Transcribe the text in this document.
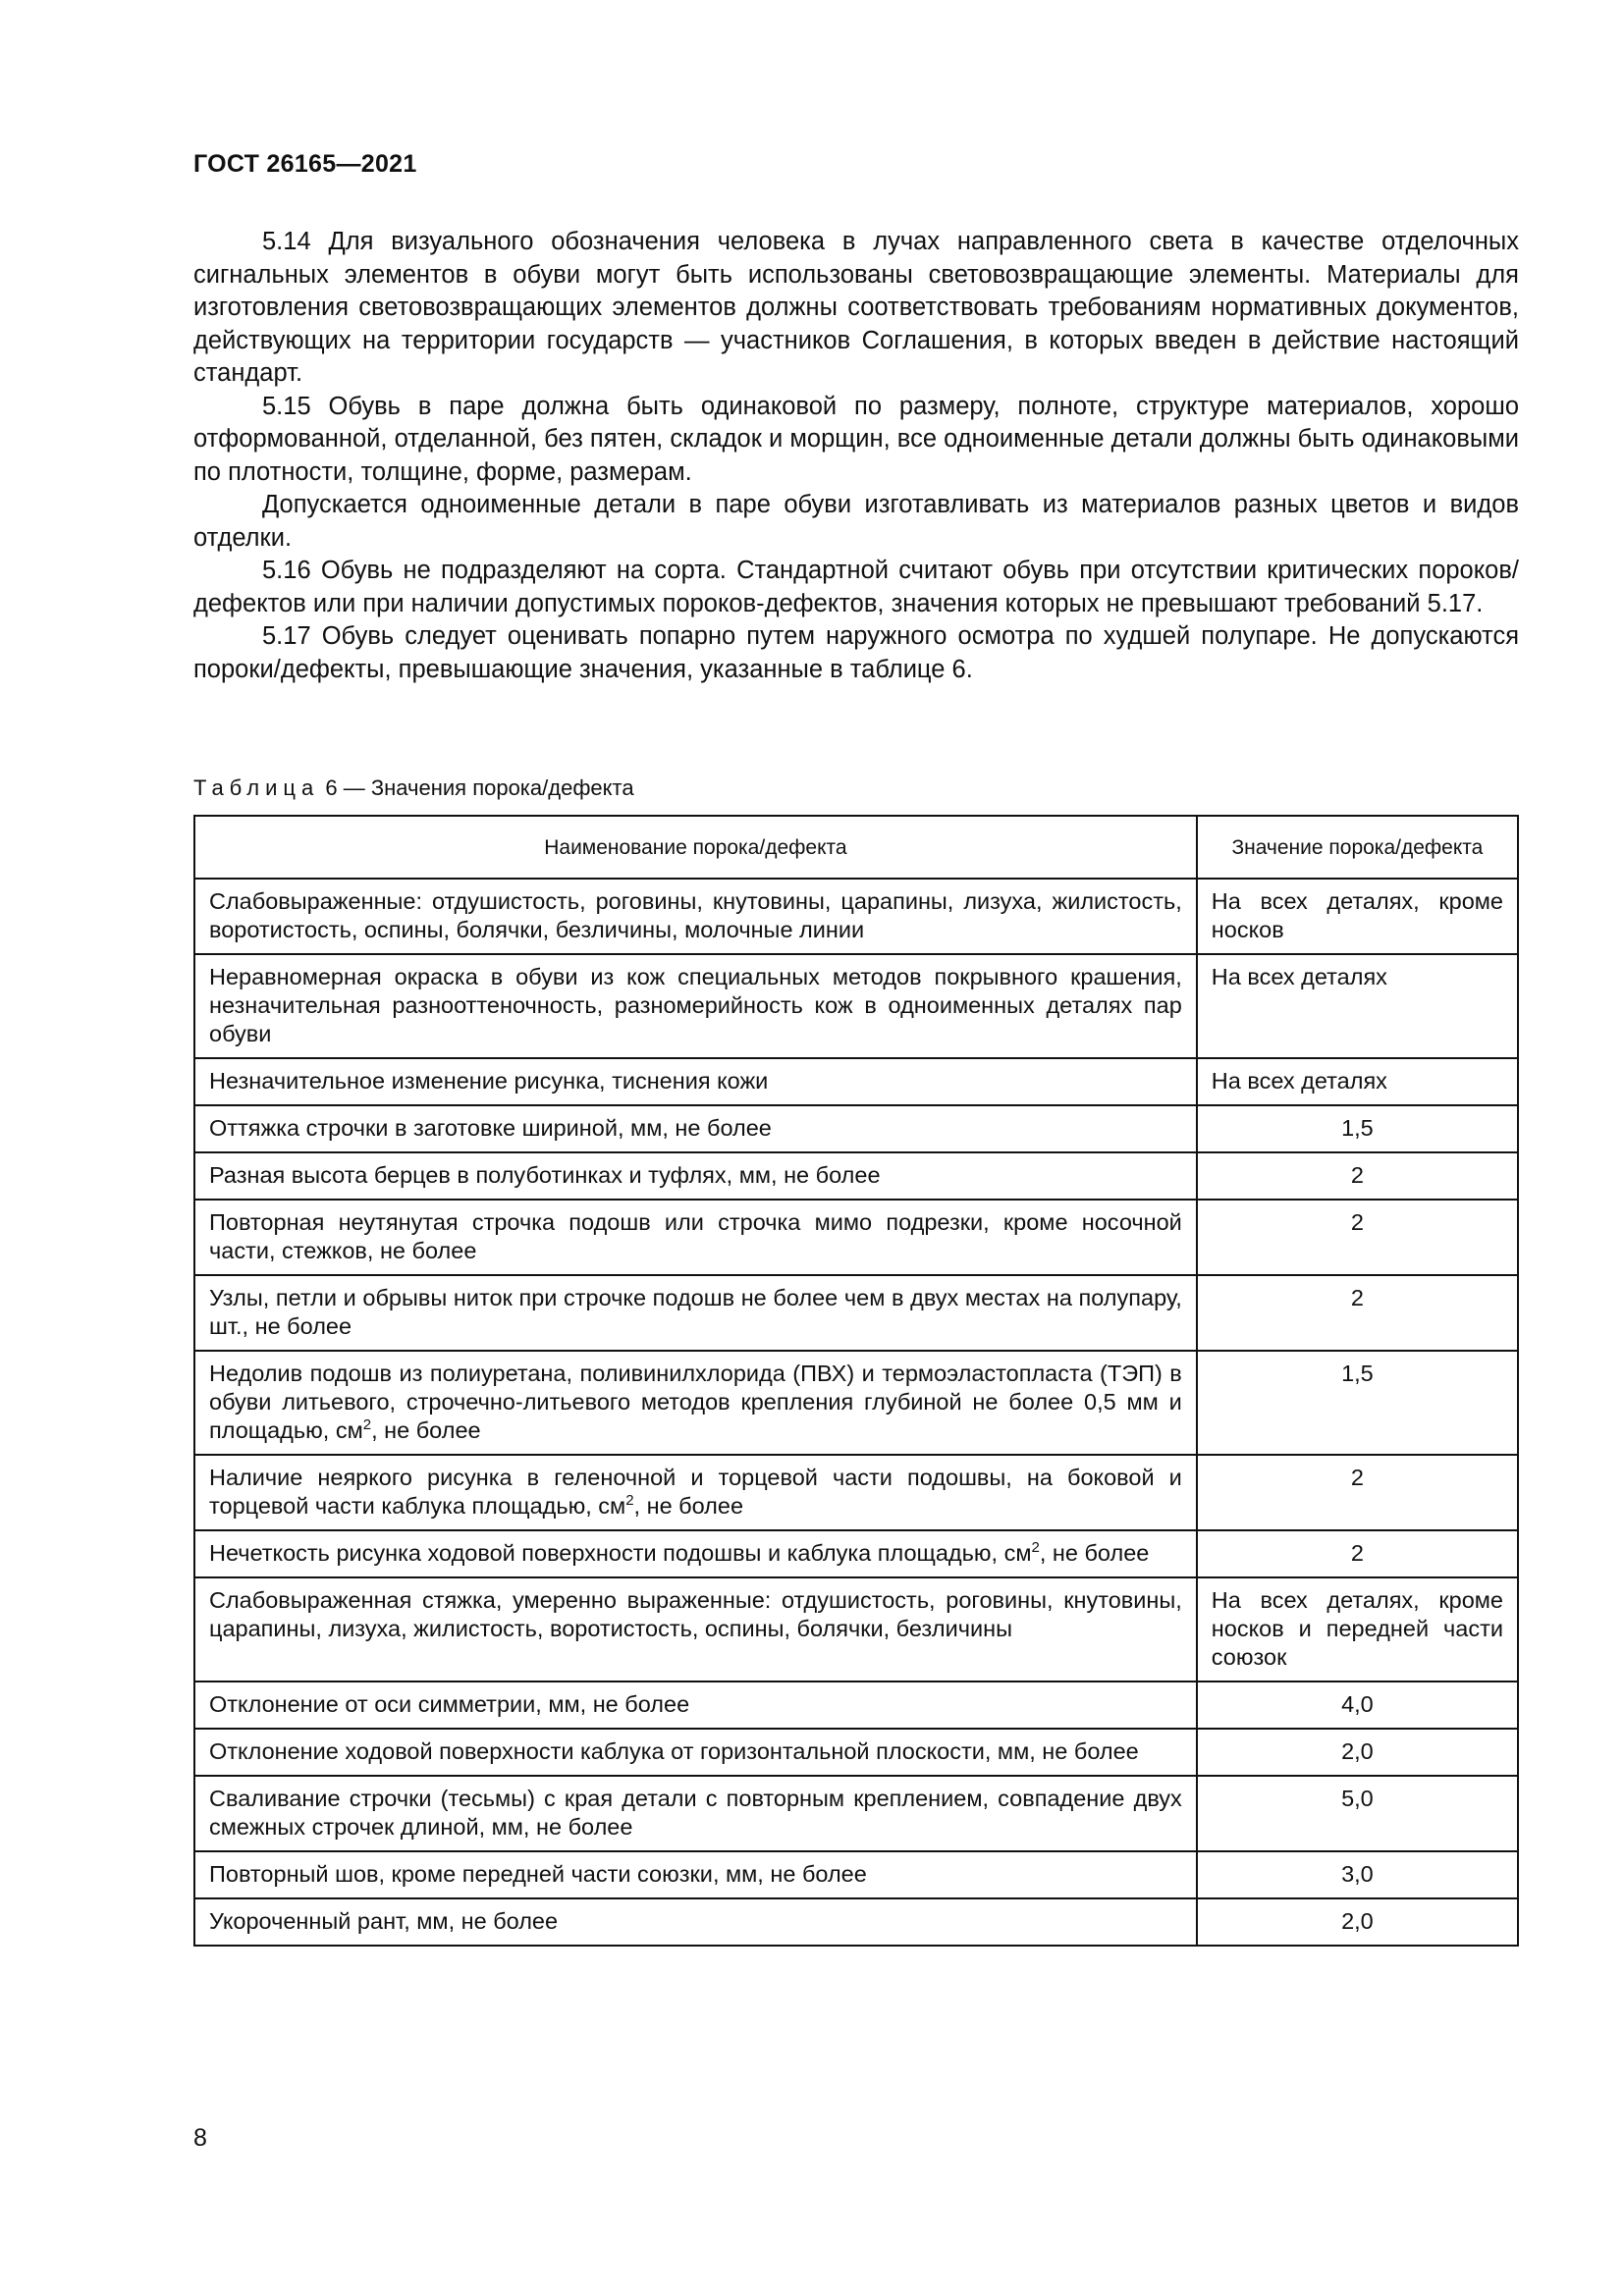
ГОСТ 26165—2021

5.14 Для визуального обозначения человека в лучах направленного света в качестве отделочных сигнальных элементов в обуви могут быть использованы световозвращающие элементы. Материалы для изготовления световозвращающих элементов должны соответствовать требованиям нормативных документов, действующих на территории государств — участников Соглашения, в которых введен в действие настоящий стандарт.

5.15 Обувь в паре должна быть одинаковой по размеру, полноте, структуре материалов, хорошо отформованной, отделанной, без пятен, складок и морщин, все одноименные детали должны быть одинаковыми по плотности, толщине, форме, размерам.

Допускается одноименные детали в паре обуви изготавливать из материалов разных цветов и видов отделки.

5.16 Обувь не подразделяют на сорта. Стандартной считают обувь при отсутствии критических пороков/дефектов или при наличии допустимых пороков-дефектов, значения которых не превышают требований 5.17.

5.17 Обувь следует оценивать попарно путем наружного осмотра по худшей полупаре. Не допускаются пороки/дефекты, превышающие значения, указанные в таблице 6.

Таблица 6 — Значения порока/дефекта
Наименование порока/дефекта	Значение порока/дефекта
Слабовыраженные: отдушистость, роговины, кнутовины, царапины, лизуха, жилистость, воротистость, оспины, болячки, безличины, молочные линии	На всех деталях, кроме носков
Неравномерная окраска в обуви из кож специальных методов покрывного крашения, незначительная разнооттеночность, разномерийность кож в одноименных деталях пар обуви	На всех деталях
Незначительное изменение рисунка, тиснения кожи	На всех деталях
Оттяжка строчки в заготовке шириной, мм, не более	1,5
Разная высота берцев в полуботинках и туфлях, мм, не более	2
Повторная неутянутая строчка подошв или строчка мимо подрезки, кроме носочной части, стежков, не более	2
Узлы, петли и обрывы ниток при строчке подошв не более чем в двух местах на полупару, шт., не более	2
Недолив подошв из полиуретана, поливинилхлорида (ПВХ) и термоэластопласта (ТЭП) в обуви литьевого, строчечно-литьевого методов крепления глубиной не более 0,5 мм и площадью, $см^2$, не более	1,5
Наличие неяркого рисунка в геленочной и торцевой части подошвы, на боковой и торцевой части каблука площадью, $см^2$, не более	2
Нечеткость рисунка ходовой поверхности подошвы и каблука площадью, $см^2$, не более	2
Слабовыраженная стяжка, умеренно выраженные: отдушистость, роговины, кнутовины, царапины, лизуха, жилистость, воротистость, оспины, болячки, безличины	На всех деталях, кроме носков и передней части союзок
Отклонение от оси симметрии, мм, не более	4,0
Отклонение ходовой поверхности каблука от горизонтальной плоскости, мм, не более	2,0
Сваливание строчки (тесьмы) с края детали с повторным креплением, совпадение двух смежных строчек длиной, мм, не более	5,0
Повторный шов, кроме передней части союзки, мм, не более	3,0
Укороченный рант, мм, не более	2,0
8
